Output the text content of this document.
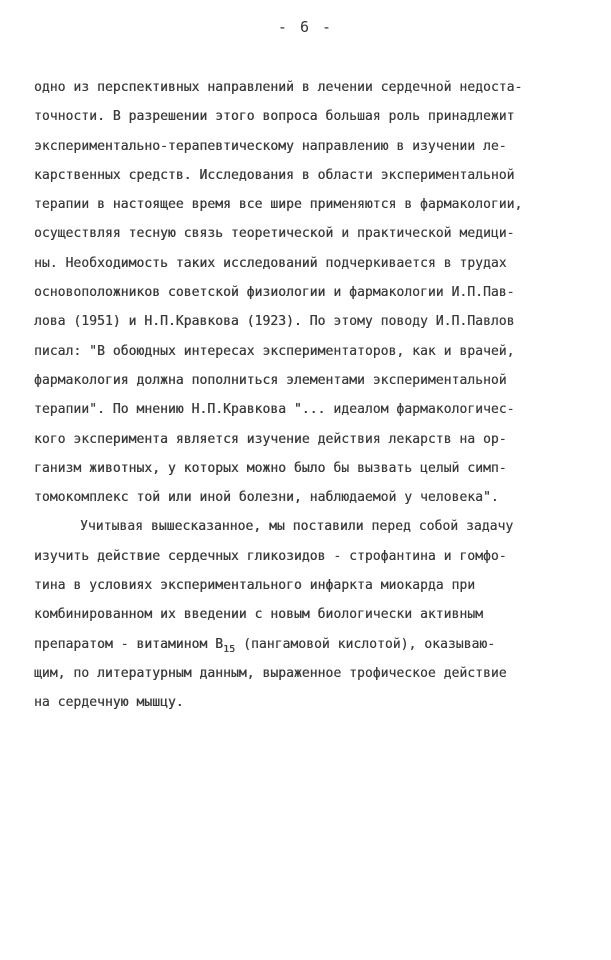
- 6 -
одно из перспективных направлений в лечении сердечной недоста-
точности. В разрешении этого вопроса большая роль принадлежит
экспериментально-терапевтическому направлению в изучении ле-
карственных средств. Исследования в области экспериментальной
терапии в настоящее время все шире применяются в фармакологии,
осуществляя тесную связь теоретической и практической медици-
ны. Необходимость таких исследований подчеркивается в трудах
основоположников советской физиологии и фармакологии И.П.Пав-
лова (1951) и Н.П.Кравкова (1923). По этому поводу И.П.Павлов
писал: "В обоюдных интересах экспериментаторов, как и врачей,
фармакология должна пополниться элементами экспериментальной
терапии". По мнению Н.П.Кравкова "... идеалом фармакологичес-
кого эксперимента является изучение действия лекарств на ор-
ганизм животных, у которых можно было бы вызвать целый симп-
томокомплекс той или иной болезни, наблюдаемой у человека".
Учитывая вышесказанное, мы поставили перед собой задачу
изучить действие сердечных гликозидов - строфантина и гомфо-
тина в условиях экспериментального инфаркта миокарда при
комбинированном их введении с новым биологически активным
препаратом - витамином $В_{15}$ (пангамовой кислотой), оказываю-
щим, по литературным данным, выраженное трофическое действие
на сердечную мышцу.
